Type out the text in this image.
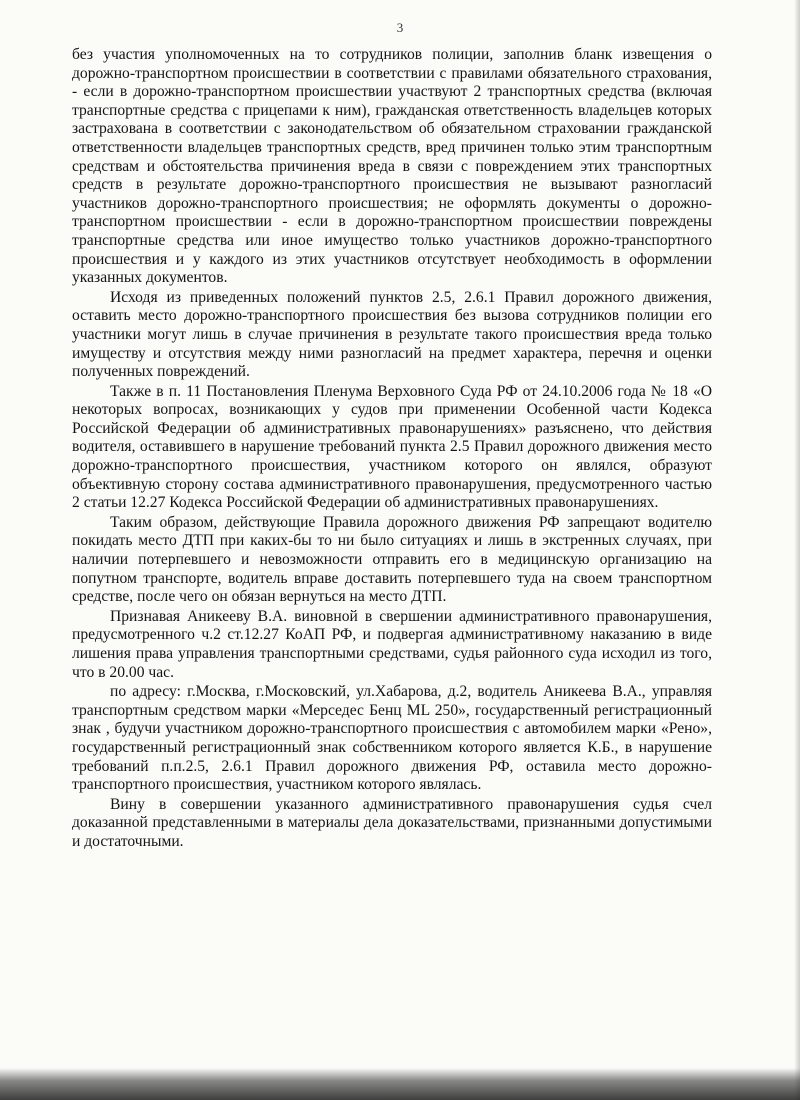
3

без участия уполномоченных на то сотрудников полиции, заполнив бланк извещения о дорожно-транспортном происшествии в соответствии с правилами обязательного страхования, - если в дорожно-транспортном происшествии участвуют 2 транспортных средства (включая транспортные средства с прицепами к ним), гражданская ответственность владельцев которых застрахована в соответствии с законодательством об обязательном страховании гражданской ответственности владельцев транспортных средств, вред причинен только этим транспортным средствам и обстоятельства причинения вреда в связи с повреждением этих транспортных средств в результате дорожно-транспортного происшествия не вызывают разногласий участников дорожно-транспортного происшествия; не оформлять документы о дорожно-транспортном происшествии - если в дорожно-транспортном происшествии повреждены транспортные средства или иное имущество только участников дорожно-транспортного происшествия и у каждого из этих участников отсутствует необходимость в оформлении указанных документов.

Исходя из приведенных положений пунктов 2.5, 2.6.1 Правил дорожного движения, оставить место дорожно-транспортного происшествия без вызова сотрудников полиции его участники могут лишь в случае причинения в результате такого происшествия вреда только имуществу и отсутствия между ними разногласий на предмет характера, перечня и оценки полученных повреждений.

Также в п. 11 Постановления Пленума Верховного Суда РФ от 24.10.2006 года № 18 «О некоторых вопросах, возникающих у судов при применении Особенной части Кодекса Российской Федерации об административных правонарушениях» разъяснено, что действия водителя, оставившего в нарушение требований пункта 2.5 Правил дорожного движения место дорожно-транспортного происшествия, участником которого он являлся, образуют объективную сторону состава административного правонарушения, предусмотренного частью 2 статьи 12.27 Кодекса Российской Федерации об административных правонарушениях.

Таким образом, действующие Правила дорожного движения РФ запрещают водителю покидать место ДТП при каких-бы то ни было ситуациях и лишь в экстренных случаях, при наличии потерпевшего и невозможности отправить его в медицинскую организацию на попутном транспорте, водитель вправе доставить потерпевшего туда на своем транспортном средстве, после чего он обязан вернуться на место ДТП.

Признавая Аникееву В.А. виновной в свершении административного правонарушения, предусмотренного ч.2 ст.12.27 КоАП РФ, и подвергая административному наказанию в виде лишения права управления транспортными средствами, судья районного суда исходил из того, что в 20.00 час.

по адресу: г.Москва, г.Московский, ул.Хабарова, д.2, водитель Аникеева В.А., управляя транспортным средством марки «Мерседес Бенц ML 250», государственный регистрационный знак , будучи участником дорожно-транспортного происшествия с автомобилем марки «Рено», государственный регистрационный знак собственником которого является К.Б., в нарушение требований п.п.2.5, 2.6.1 Правил дорожного движения РФ, оставила место дорожно-транспортного происшествия, участником которого являлась.

Вину в совершении указанного административного правонарушения судья счел доказанной представленными в материалы дела доказательствами, признанными допустимыми и достаточными.
